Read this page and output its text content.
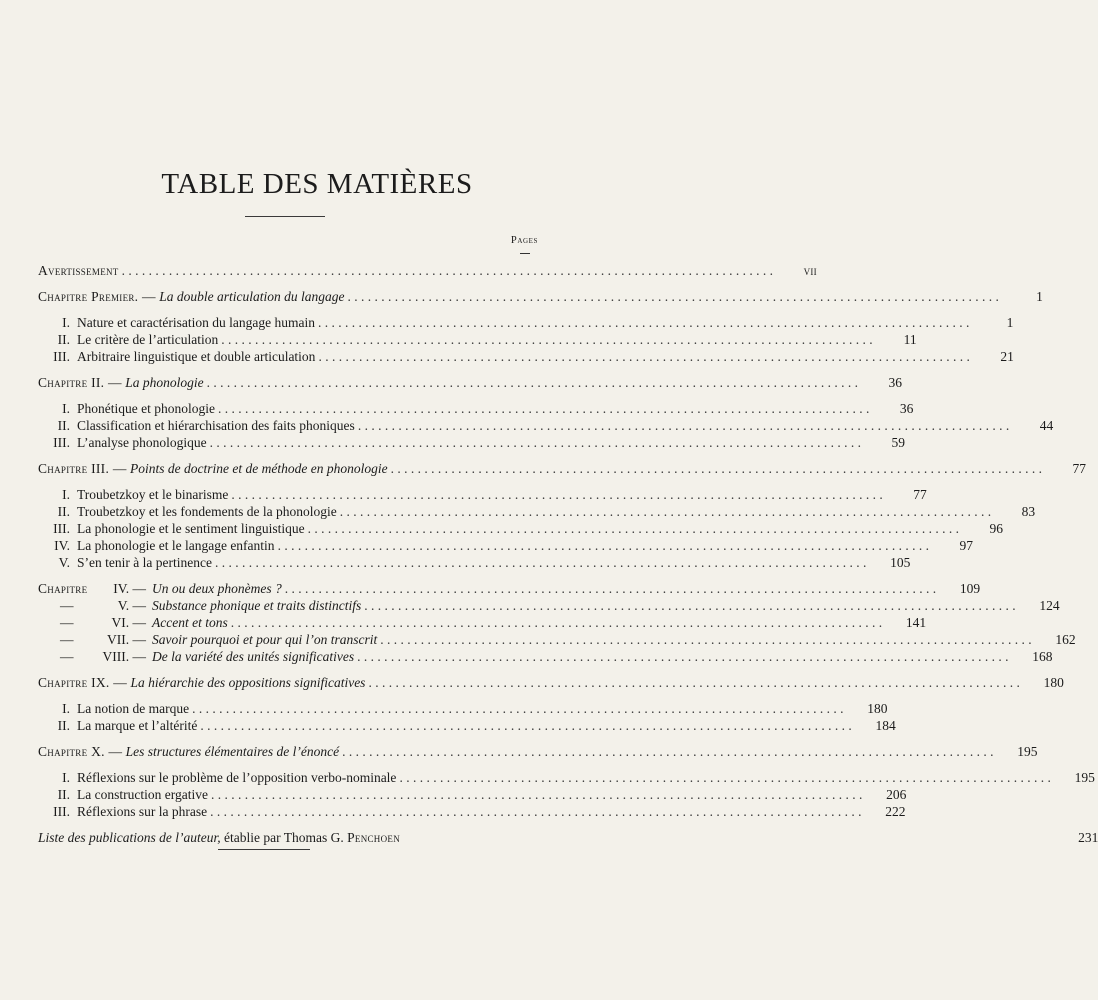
TABLE DES MATIÈRES
Pages
Avertissement . . .	vii
Chapitre Premier. — La double articulation du langage . . .	1
I. Nature et caractérisation du langage humain . . .	1
II. Le critère de l’articulation . . .	11
III. Arbitraire linguistique et double articulation . . .	21
Chapitre II. — La phonologie . . .	36
I. Phonétique et phonologie . . .	36
II. Classification et hiérarchisation des faits phoniques . . .	44
III. L’analyse phonologique . . .	59
Chapitre III. — Points de doctrine et de méthode en phonologie . . .	77
I. Troubetzkoy et le binarisme . . .	77
II. Troubetzkoy et les fondements de la phonologie . . .	83
III. La phonologie et le sentiment linguistique . . .	96
IV. La phonologie et le langage enfantin . . .	97
V. S’en tenir à la pertinence . . .	105
Chapitre IV. — Un ou deux phonèmes ? . . .	109
—	V. — Substance phonique et traits distinctifs . . .	124
—	VI. — Accent et tons . . .	141
— VII. — Savoir pourquoi et pour qui l’on transcrit . . .	162
— VIII. — De la variété des unités significatives . . .	168
Chapitre IX. — La hiérarchie des oppositions significatives . . .	180
I. La notion de marque . . .	180
II. La marque et l’altérité . . .	184
Chapitre X. — Les structures élémentaires de l’énoncé . . .	195
I. Réflexions sur le problème de l’opposition verbo-nominale . . .	195
II. La construction ergative . . .	206
III. Réflexions sur la phrase . . .	222
Liste des publications de l’auteur, établie par Thomas G. Penchoen	231
